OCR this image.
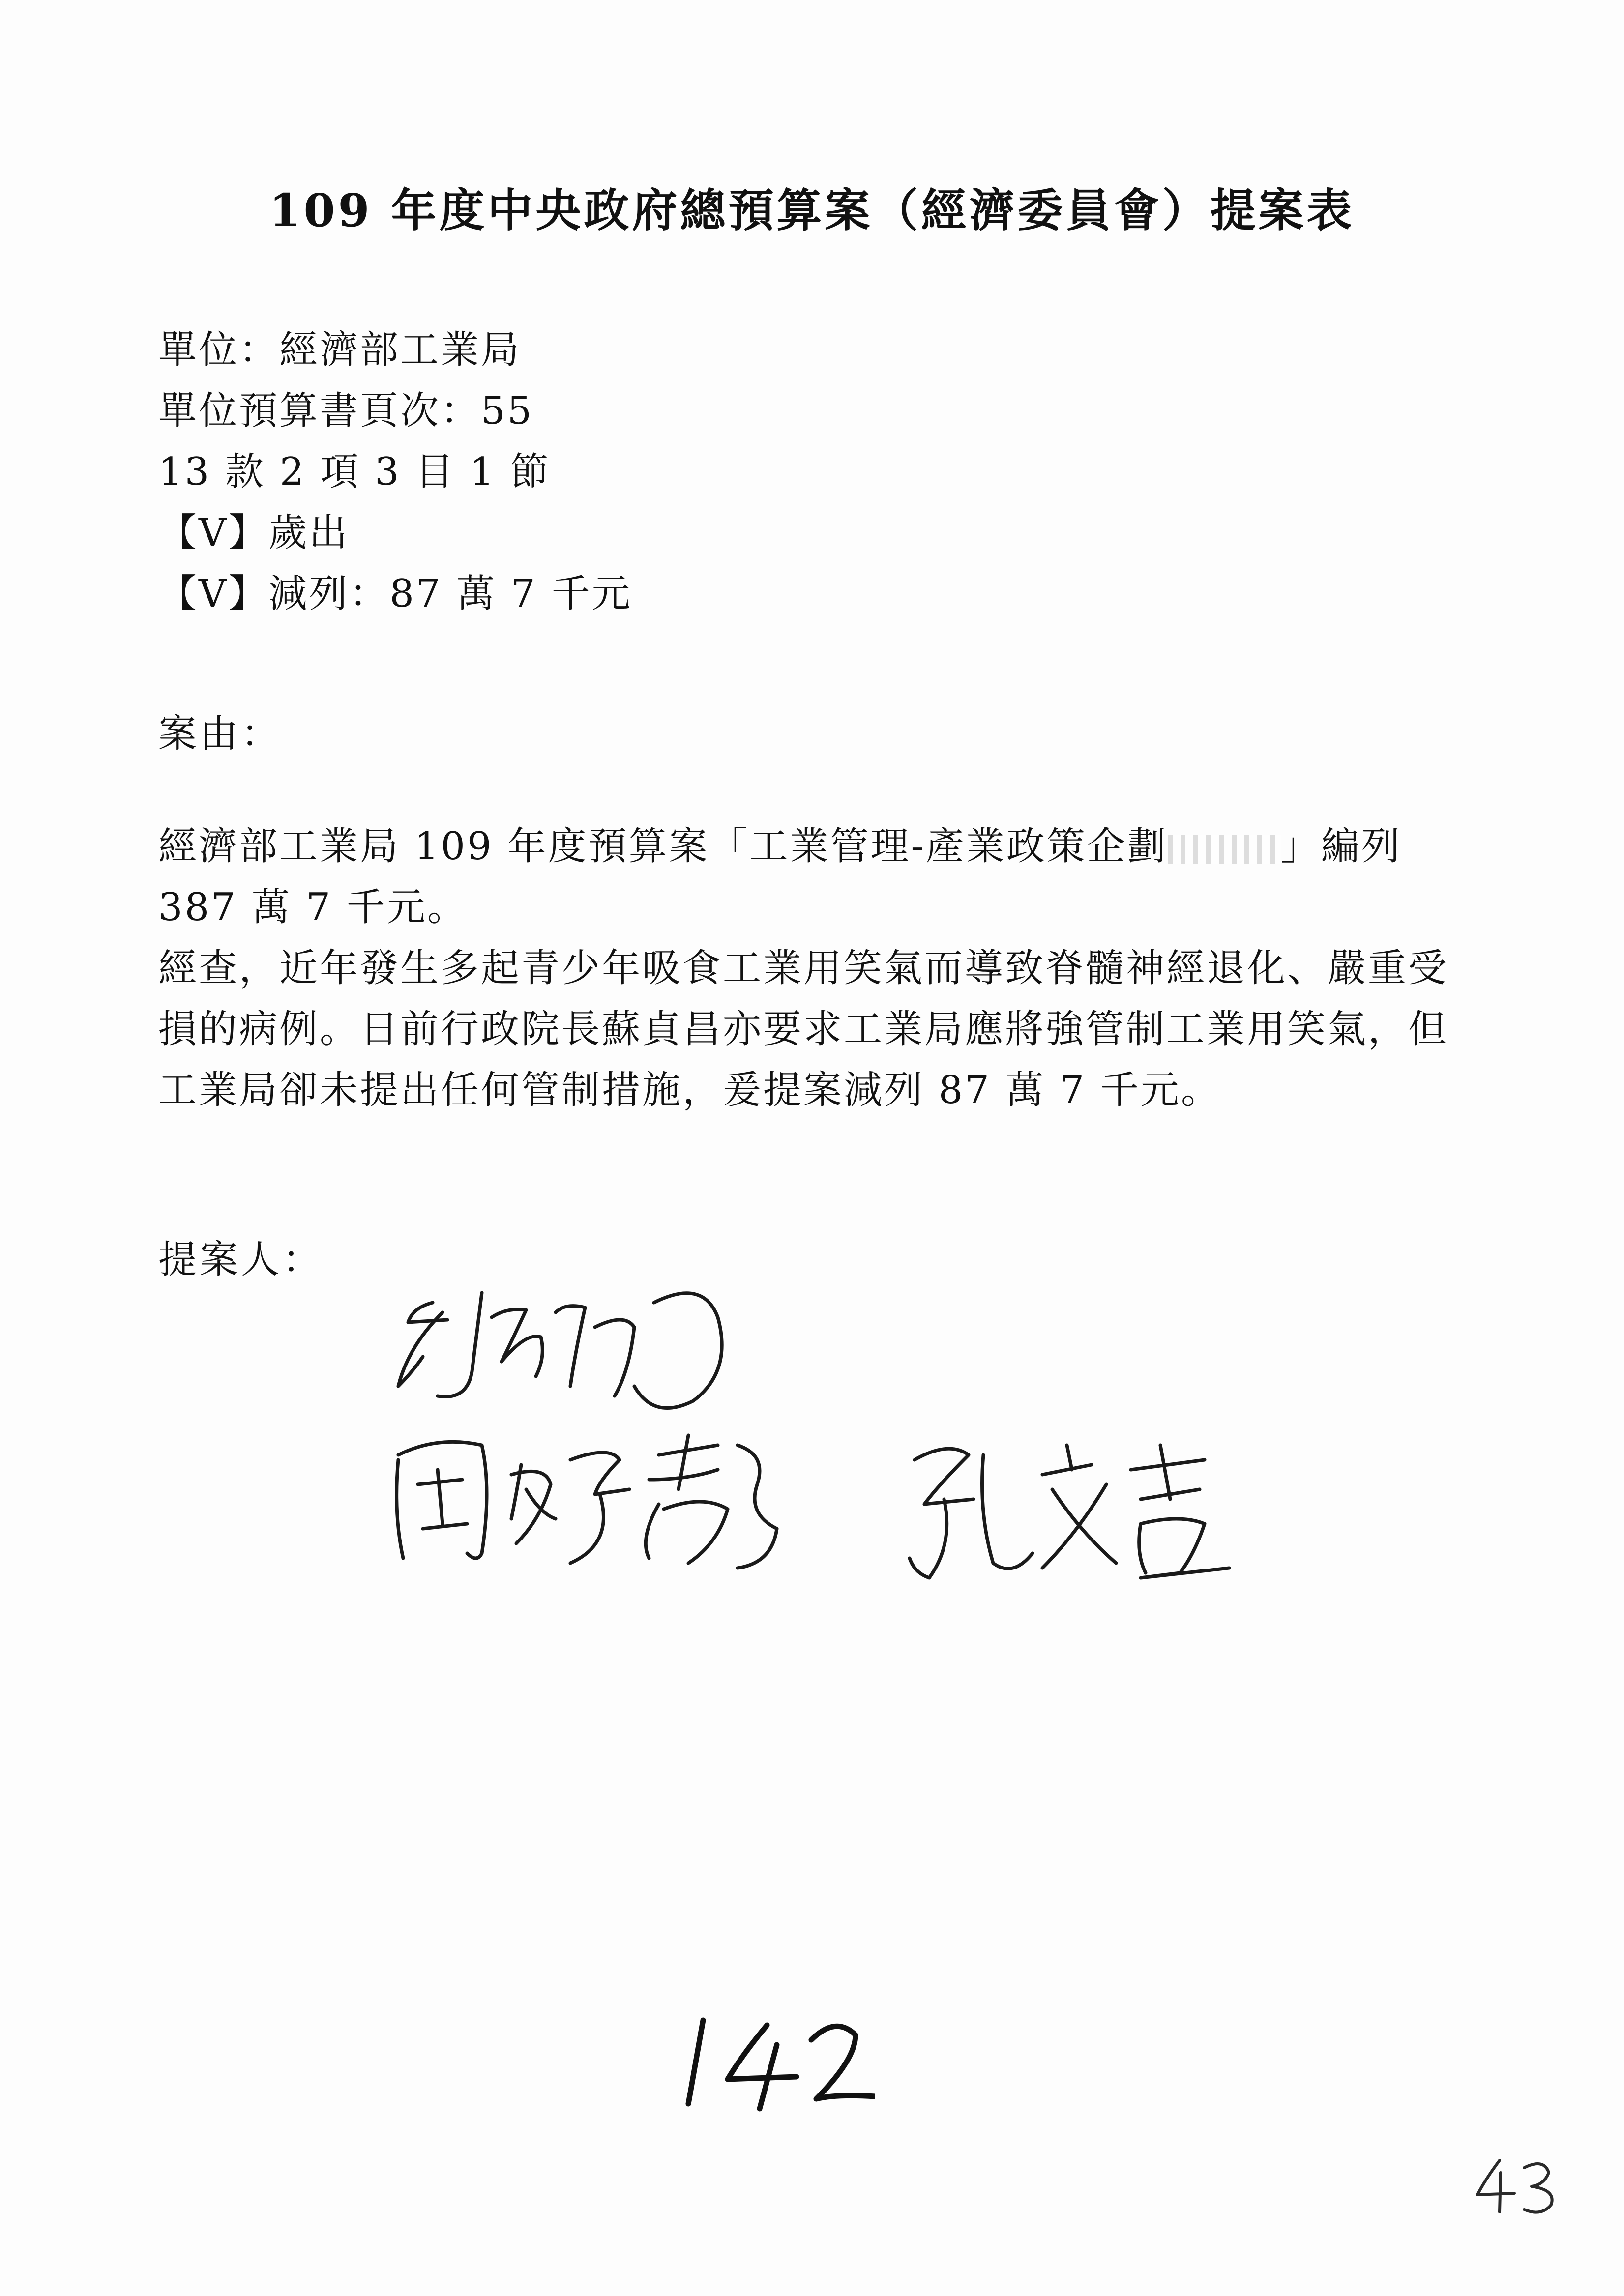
109 年度中央政府總預算案（經濟委員會）提案表
單位：經濟部工業局
單位預算書頁次：55
13 款 2 項 3 目 1 節
【V】歲出
【V】減列：87 萬 7 千元
案由：

經濟部工業局 109 年度預算案「工業管理-產業政策企劃	」編列 387 萬 7 千元。

經查，近年發生多起青少年吸食工業用笑氣而導致脊髓神經退化、嚴重受損的病例。日前行政院長蘇貞昌亦要求工業局應將強管制工業用笑氣，但工業局卻未提出任何管制措施，爰提案減列 87 萬 7 千元。

提案人：
